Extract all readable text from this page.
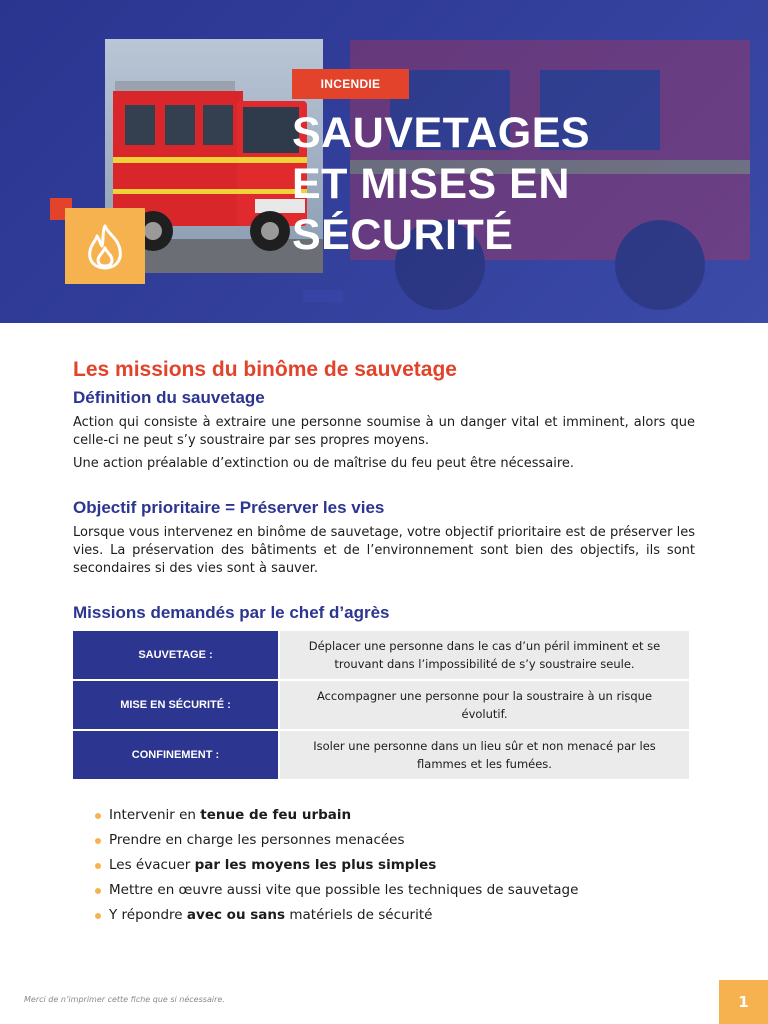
INCENDIE
SAUVETAGES
ET MISES EN
SÉCURITÉ
Les missions du binôme de sauvetage
Définition du sauvetage

Action qui consiste à extraire une personne soumise à un danger vital et imminent, alors que celle-ci ne peut s’y soustraire par ses propres moyens.

Une action préalable d’extinction ou de maîtrise du feu peut être nécessaire.

Objectif prioritaire = Préserver les vies

Lorsque vous intervenez en binôme de sauvetage, votre objectif prioritaire est de préserver les vies. La préservation des bâtiments et de l’environnement sont bien des objectifs, ils sont secondaires si des vies sont à sauver.

Missions demandés par le chef d’agrès
SAUVETAGE :	Déplacer une personne dans le cas d’un péril imminent et se trouvant dans l’impossibilité de s’y soustraire seule.
MISE EN SÉCURITÉ :	Accompagner une personne pour la soustraire à un risque évolutif.
CONFINEMENT :	Isoler une personne dans un lieu sûr et non menacé par les flammes et les fumées.
Intervenir en tenue de feu urbain
Prendre en charge les personnes menacées
Les évacuer par les moyens les plus simples
Mettre en œuvre aussi vite que possible les techniques de sauvetage
Y répondre avec ou sans matériels de sécurité
Merci de n’imprimer cette fiche que si nécessaire.	1
